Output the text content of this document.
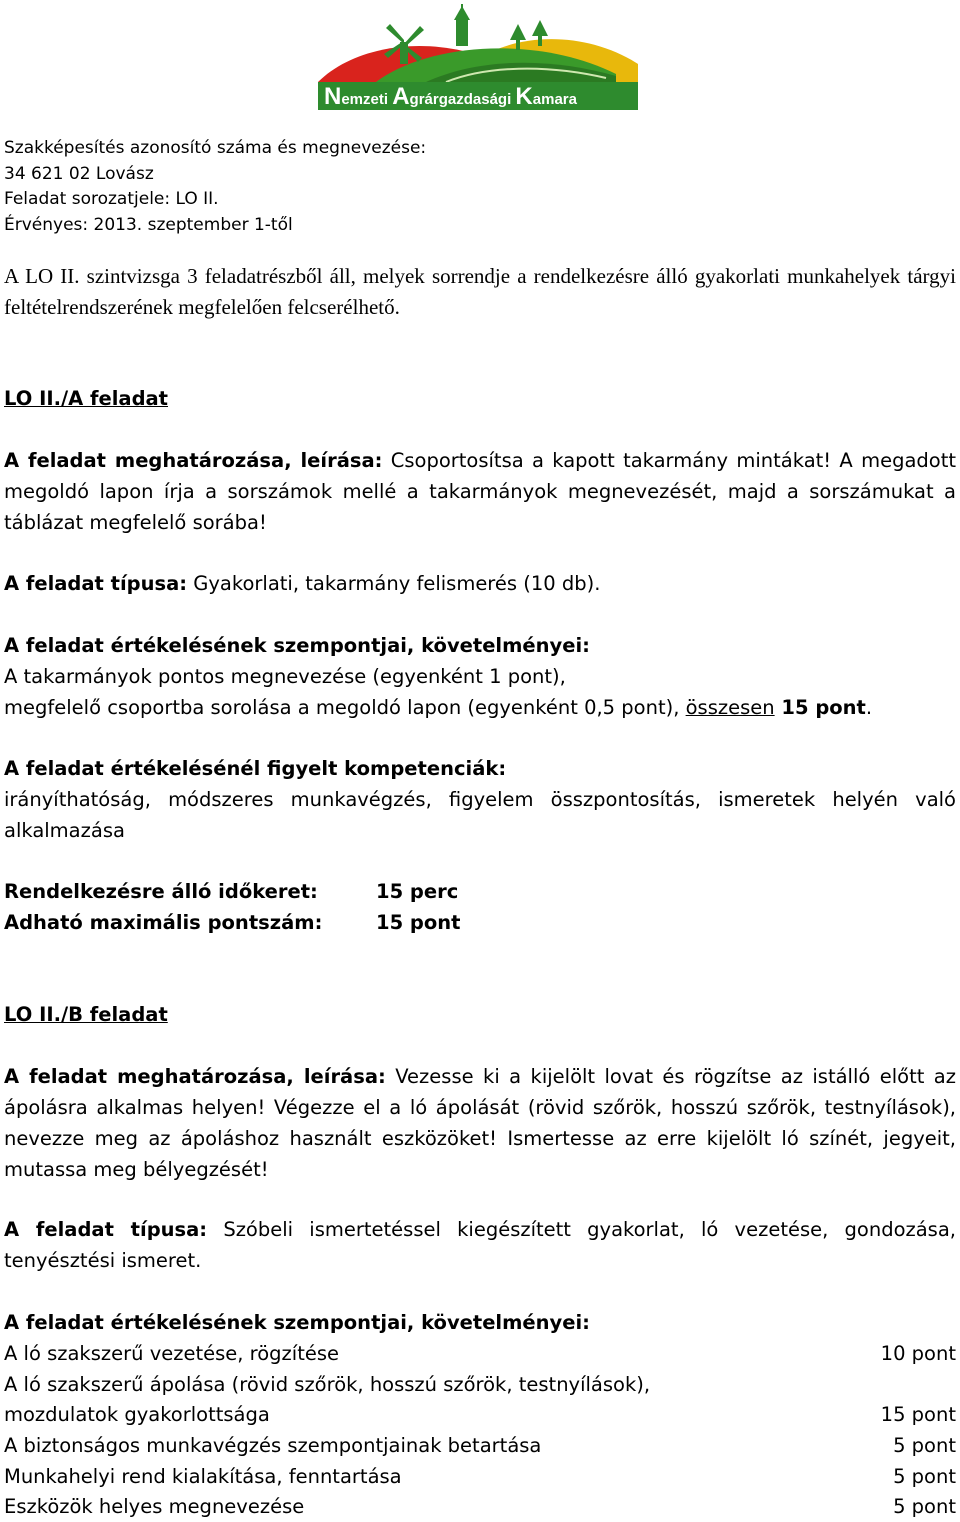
Nemzeti Agrárgazdasági Kamara
Szakképesítés azonosító száma és megnevezése:
34 621 02 Lovász
Feladat sorozatjele: LO II.
Érvényes: 2013. szeptember 1-től
A LO II. szintvizsga 3 feladatrészből áll, melyek sorrendje a rendelkezésre álló gyakorlati munkahelyek tárgyi feltételrendszerének megfelelően felcserélhető.
LO II./A feladat
A feladat meghatározása, leírása: Csoportosítsa a kapott takarmány mintákat! A megadott megoldó lapon írja a sorszámok mellé a takarmányok megnevezését, majd a sorszámukat a táblázat megfelelő sorába!
A feladat típusa: Gyakorlati, takarmány felismerés (10 db).
A feladat értékelésének szempontjai, követelményei:
A takarmányok pontos megnevezése (egyenként 1 pont),
megfelelő csoportba sorolása a megoldó lapon (egyenként 0,5 pont), összesen 15 pont.
A feladat értékelésénél figyelt kompetenciák:
irányíthatóság, módszeres munkavégzés, figyelem összpontosítás, ismeretek helyén való alkalmazása
Rendelkezésre álló időkeret:	15 perc
Adható maximális pontszám:	15 pont
LO II./B feladat
A feladat meghatározása, leírása: Vezesse ki a kijelölt lovat és rögzítse az istálló előtt az ápolásra alkalmas helyen! Végezze el a ló ápolását (rövid szőrök, hosszú szőrök, testnyílások), nevezze meg az ápoláshoz használt eszközöket! Ismertesse az erre kijelölt ló színét, jegyeit, mutassa meg bélyegzését!
A feladat típusa: Szóbeli ismertetéssel kiegészített gyakorlat, ló vezetése, gondozása, tenyésztési ismeret.
A feladat értékelésének szempontjai, követelményei:
A ló szakszerű vezetése, rögzítése	10 pont
A ló szakszerű ápolása (rövid szőrök, hosszú szőrök, testnyílások),
mozdulatok gyakorlottsága	15 pont
A biztonságos munkavégzés szempontjainak betartása	5 pont
Munkahelyi rend kialakítása, fenntartása	5 pont
Eszközök helyes megnevezése	5 pont
